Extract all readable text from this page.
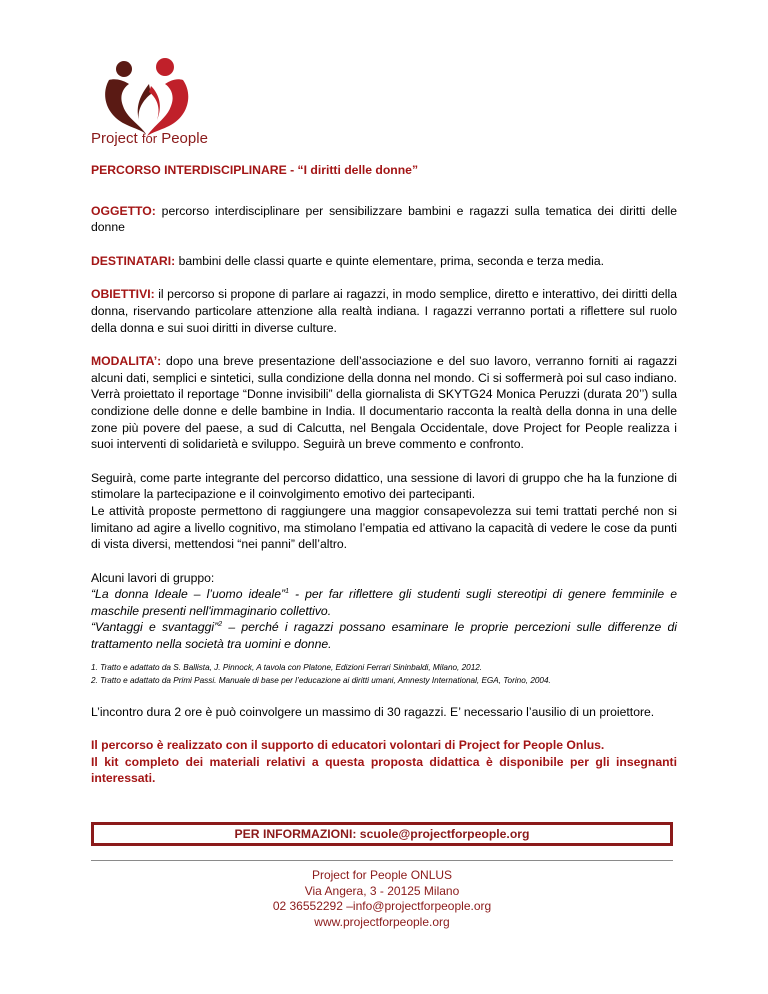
Project for People

PERCORSO INTERDISCIPLINARE - “I diritti delle donne”

OGGETTO: percorso interdisciplinare per sensibilizzare bambini e ragazzi sulla tematica dei diritti delle donne

DESTINATARI: bambini delle classi quarte e quinte elementare, prima, seconda e terza media.

OBIETTIVI: il percorso si propone di parlare ai ragazzi, in modo semplice, diretto e interattivo, dei diritti della donna, riservando particolare attenzione alla realtà indiana. I ragazzi verranno portati a riflettere sul ruolo della donna e sui suoi diritti in diverse culture.

MODALITA’: dopo una breve presentazione dell’associazione e del suo lavoro, verranno forniti ai ragazzi alcuni dati, semplici e sintetici, sulla condizione della donna nel mondo. Ci si soffermerà poi sul caso indiano. Verrà proiettato il reportage “Donne invisibili” della giornalista di SKYTG24 Monica Peruzzi (durata 20’’) sulla condizione delle donne e delle bambine in India. Il documentario racconta la realtà della donna in una delle zone più povere del paese, a sud di Calcutta, nel Bengala Occidentale, dove Project for People realizza i suoi interventi di solidarietà e sviluppo. Seguirà un breve commento e confronto.

Seguirà, come parte integrante del percorso didattico, una sessione di lavori di gruppo che ha la funzione di stimolare la partecipazione e il coinvolgimento emotivo dei partecipanti.

Le attività proposte permettono di raggiungere una maggior consapevolezza sui temi trattati perché non si limitano ad agire a livello cognitivo, ma stimolano l’empatia ed attivano la capacità di vedere le cose da punti di vista diversi, mettendosi “nei panni” dell’altro.

Alcuni lavori di gruppo:

“La donna Ideale – l’uomo ideale”$^1$ - per far riflettere gli studenti sugli stereotipi di genere femminile e maschile presenti nell'immaginario collettivo.

“Vantaggi e svantaggi”$^2$ – perché i ragazzi possano esaminare le proprie percezioni sulle differenze di trattamento nella società tra uomini e donne.

1. Tratto e adattato da S. Ballista, J. Pinnock, A tavola con Platone, Edizioni Ferrari Sininbaldi, Milano, 2012.
2. Tratto e adattato da Primi Passi. Manuale di base per l’educazione ai diritti umani, Amnesty International, EGA, Torino, 2004.

L’incontro dura 2 ore è può coinvolgere un massimo di 30 ragazzi. E’ necessario l’ausilio di un proiettore.

Il percorso è realizzato con il supporto di educatori volontari di Project for People Onlus.

Il kit completo dei materiali relativi a questa proposta didattica è disponibile per gli insegnanti interessati.

PER INFORMAZIONI: scuole@projectforpeople.org
Project for People ONLUS
Via Angera, 3 - 20125 Milano
02 36552292 –info@projectforpeople.org
www.projectforpeople.org
